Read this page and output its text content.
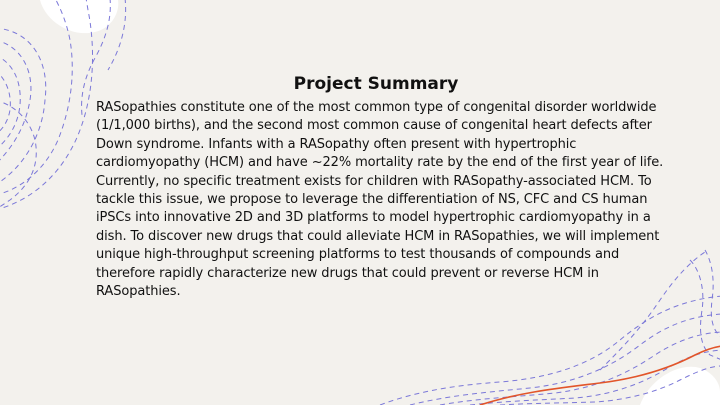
Project Summary

RASopathies constitute one of the most common type of congenital disorder worldwide (1/1,000 births), and the second most common cause of congenital heart defects after Down syndrome. Infants with a RASopathy often present with hypertrophic cardiomyopathy (HCM) and have ~22% mortality rate by the end of the first year of life. Currently, no specific treatment exists for children with RASopathy-associated HCM. To tackle this issue, we propose to leverage the differentiation of NS, CFC and CS human iPSCs into innovative 2D and 3D platforms to model hypertrophic cardiomyopathy in a dish. To discover new drugs that could alleviate HCM in RASopathies, we will implement unique high-throughput screening platforms to test thousands of compounds and therefore rapidly characterize new drugs that could prevent or reverse HCM in RASopathies.
